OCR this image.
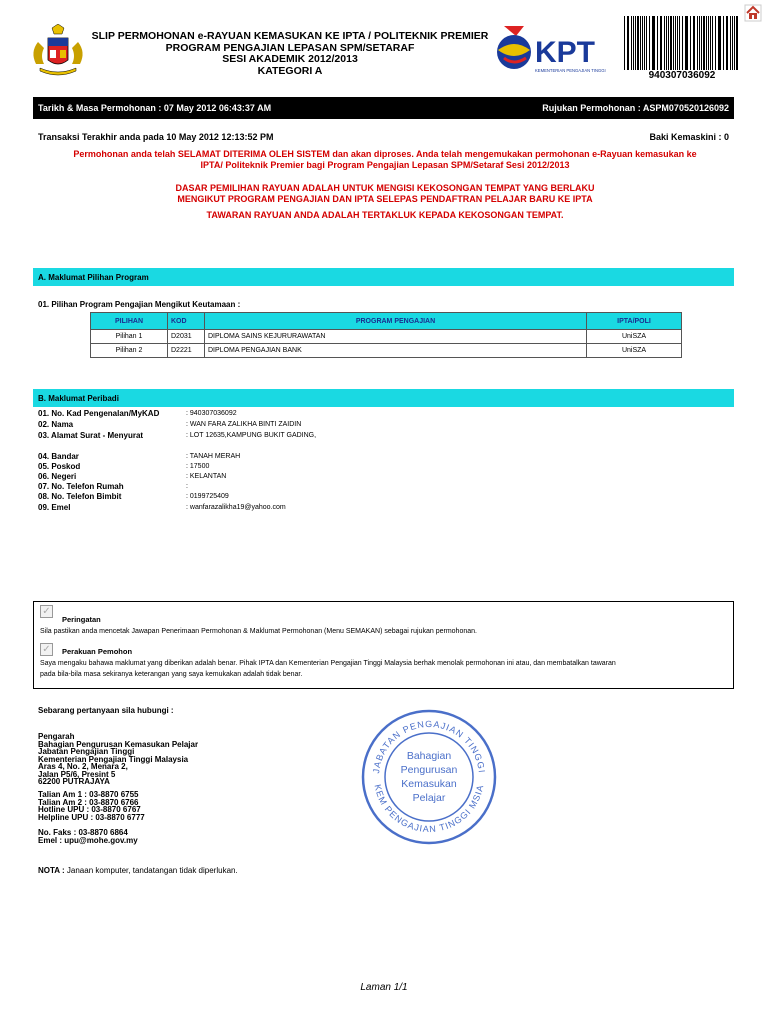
SLIP PERMOHONAN e-RAYUAN KEMASUKAN KE IPTA / POLITEKNIK PREMIER
PROGRAM PENGAJIAN LEPASAN SPM/SETARAF
SESI AKADEMIK 2012/2013
KATEGORI A
KPT
KEMENTERIAN PENGAJIAN TINGGI	940307036092
Tarikh & Masa Permohonan : 07 May 2012 06:43:37 AM	Rujukan Permohonan : ASPM070520126092
Transaksi Terakhir anda pada 10 May 2012 12:13:52 PM	Baki Kemaskini : 0
Permohonan anda telah SELAMAT DITERIMA OLEH SISTEM dan akan diproses. Anda telah mengemukakan permohonan e-Rayuan kemasukan ke
IPTA/ Politeknik Premier bagi Program Pengajian Lepasan SPM/Setaraf Sesi 2012/2013
DASAR PEMILIHAN RAYUAN ADALAH UNTUK MENGISI KEKOSONGAN TEMPAT YANG BERLAKU
MENGIKUT PROGRAM PENGAJIAN DAN IPTA SELEPAS PENDAFTRAN PELAJAR BARU KE IPTA
TAWARAN RAYUAN ANDA ADALAH TERTAKLUK KEPADA KEKOSONGAN TEMPAT.
A. Maklumat Pilihan Program
01. Pilihan Program Pengajian Mengikut Keutamaan :
PILIHAN	KOD	PROGRAM PENGAJIAN	IPTA/POLI
Pilihan 1	D2031	DIPLOMA SAINS KEJURURAWATAN	UniSZA
Pilihan 2	D2221	DIPLOMA PENGAJIAN BANK	UniSZA
B. Maklumat Peribadi
01. No. Kad Pengenalan/MyKAD	: 940307036092
02. Nama	: WAN FARA ZALIKHA BINTI ZAIDIN
03. Alamat Surat - Menyurat	: LOT 12635,KAMPUNG BUKIT GADING,
04. Bandar	: TANAH MERAH
05. Poskod	: 17500
06. Negeri	: KELANTAN
07. No. Telefon Rumah	:
08. No. Telefon Bimbit	: 0199725409
09. Emel	: wanfarazalikha19@yahoo.com
✓
Peringatan
Sila pastikan anda mencetak Jawapan Penerimaan Permohonan & Maklumat Permohonan (Menu SEMAKAN) sebagai rujukan permohonan.
✓	Perakuan Pemohon
Saya mengaku bahawa maklumat yang diberikan adalah benar. Pihak IPTA dan Kementerian Pengajian Tinggi Malaysia berhak menolak permohonan ini atau, dan membatalkan tawaran
pada bila-bila masa sekiranya keterangan yang saya kemukakan adalah tidak benar.
Sebarang pertanyaan sila hubungi :
Pengarah
Bahagian Pengurusan Kemasukan Pelajar
Jabatan Pengajian Tinggi
Kementerian Pengajian Tinggi Malaysia
Aras 4, No. 2, Menara 2,
Jalan P5/6, Presint 5
62200 PUTRAJAYA
Talian Am 1 : 03-8870 6755
Talian Am 2 : 03-8870 6766
Hotline UPU : 03-8870 6767
Helpline UPU : 03-8870 6777
No. Faks : 03-8870 6864
Emel : upu@mohe.gov.my
JABATAN PENGAJIAN TINGGI
KEM PENGAJIAN TINGGI MSIA
Bahagian
Pengurusan
Kemasukan
Pelajar
NOTA : Janaan komputer, tandatangan tidak diperlukan.
Laman 1/1
